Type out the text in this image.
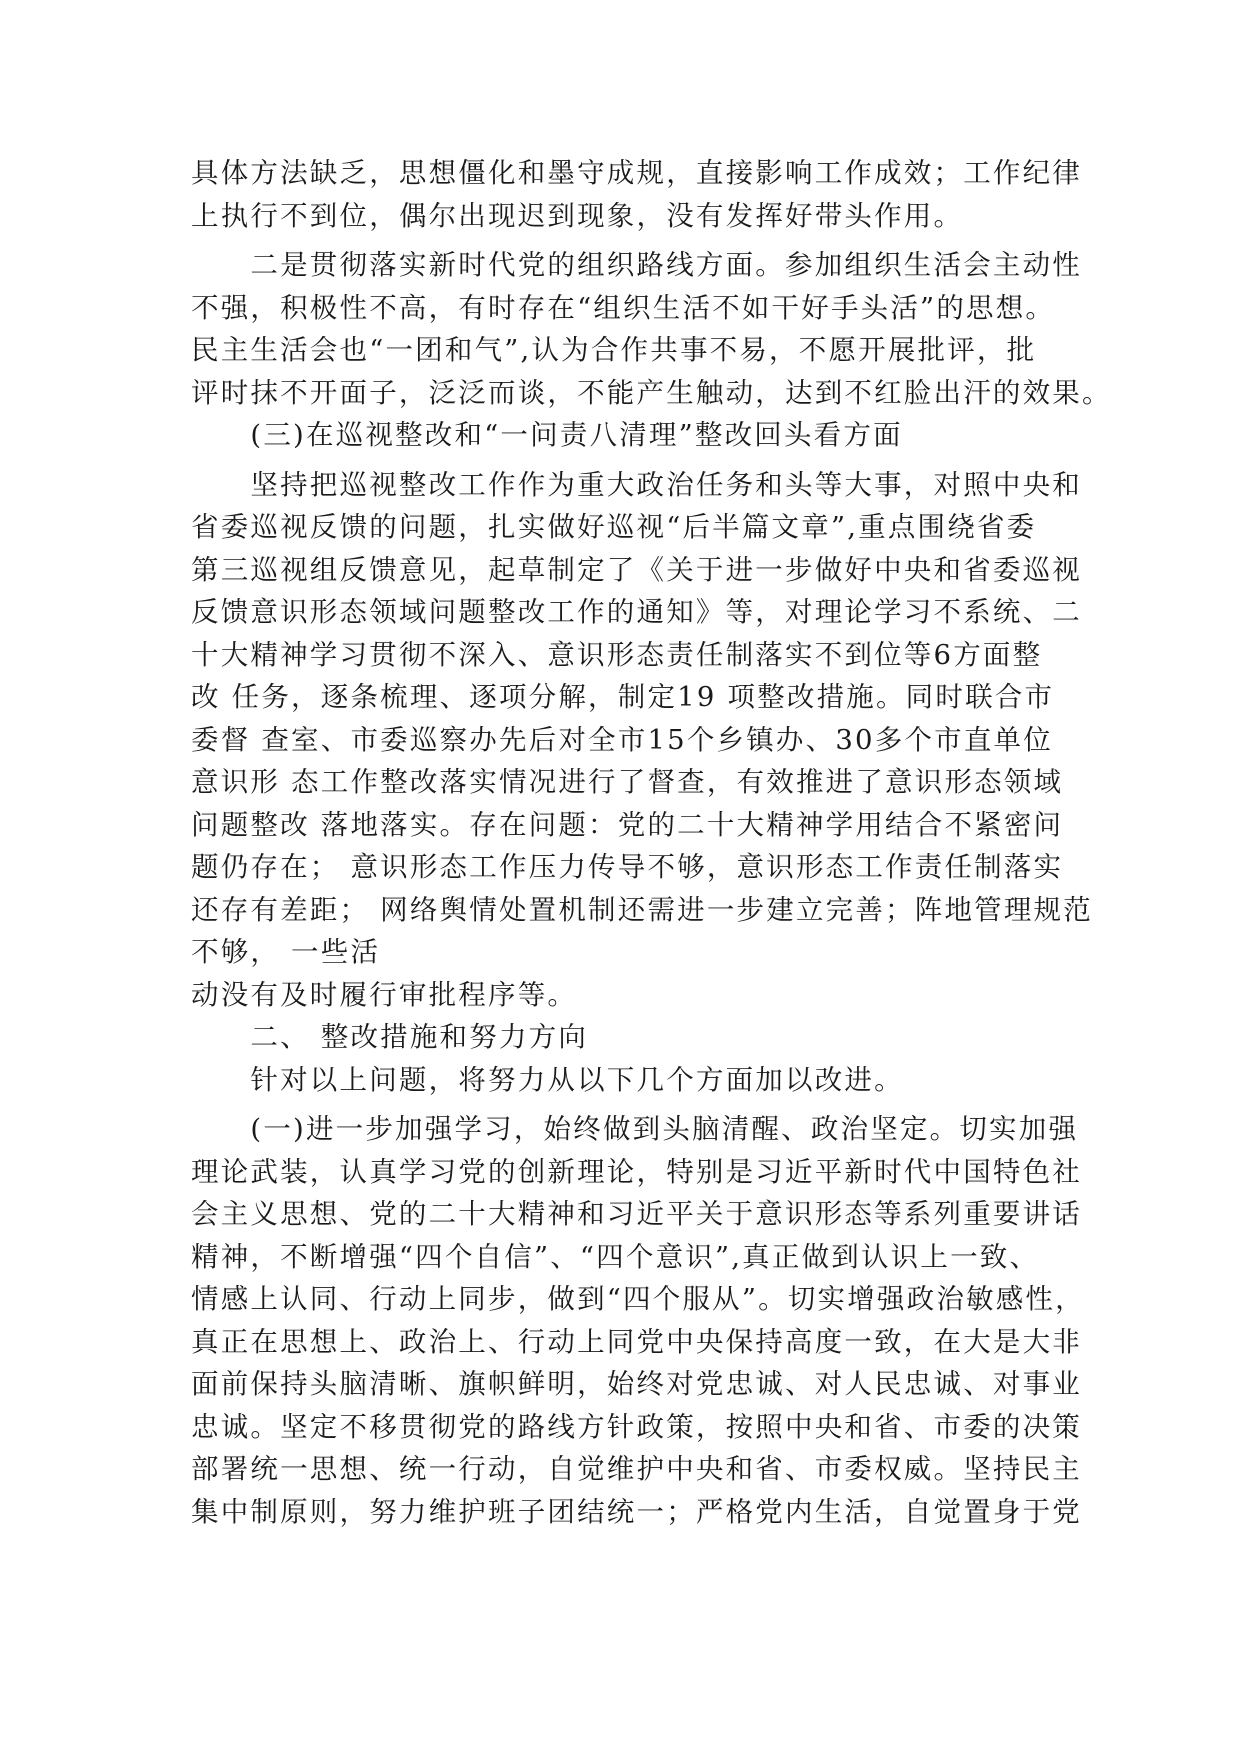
具体方法缺乏，思想僵化和墨守成规，直接影响工作成效；工作纪律
上执行不到位，偶尔出现迟到现象，没有发挥好带头作用。
　　二是贯彻落实新时代党的组织路线方面。参加组织生活会主动性
不强，积极性不高，有时存在“组织生活不如干好手头活”的思想。
民主生活会也“一团和气”,认为合作共事不易，不愿开展批评，批
评时抹不开面子，泛泛而谈，不能产生触动，达到不红脸出汗的效果。
　　(三)在巡视整改和“一问责八清理”整改回头看方面
　　坚持把巡视整改工作作为重大政治任务和头等大事，对照中央和
省委巡视反馈的问题，扎实做好巡视“后半篇文章”,重点围绕省委
第三巡视组反馈意见，起草制定了《关于进一步做好中央和省委巡视
反馈意识形态领域问题整改工作的通知》等，对理论学习不系统、二
十大精神学习贯彻不深入、意识形态责任制落实不到位等6方面整
改 任务，逐条梳理、逐项分解，制定19 项整改措施。同时联合市
委督 查室、市委巡察办先后对全市15个乡镇办、30多个市直单位
意识形 态工作整改落实情况进行了督查，有效推进了意识形态领域
问题整改 落地落实。存在问题：党的二十大精神学用结合不紧密问
题仍存在； 意识形态工作压力传导不够，意识形态工作责任制落实
还存有差距； 网络舆情处置机制还需进一步建立完善；阵地管理规范
不够， 一些活
动没有及时履行审批程序等。
　　二、 整改措施和努力方向
　　针对以上问题，将努力从以下几个方面加以改进。
　　(一)进一步加强学习，始终做到头脑清醒、政治坚定。切实加强
理论武装，认真学习党的创新理论，特别是习近平新时代中国特色社
会主义思想、党的二十大精神和习近平关于意识形态等系列重要讲话
精神，不断增强“四个自信”、“四个意识”,真正做到认识上一致、
情感上认同、行动上同步，做到“四个服从”。切实增强政治敏感性，
真正在思想上、政治上、行动上同党中央保持高度一致，在大是大非
面前保持头脑清晰、旗帜鲜明，始终对党忠诚、对人民忠诚、对事业
忠诚。坚定不移贯彻党的路线方针政策，按照中央和省、市委的决策
部署统一思想、统一行动，自觉维护中央和省、市委权威。坚持民主
集中制原则，努力维护班子团结统一；严格党内生活，自觉置身于党
